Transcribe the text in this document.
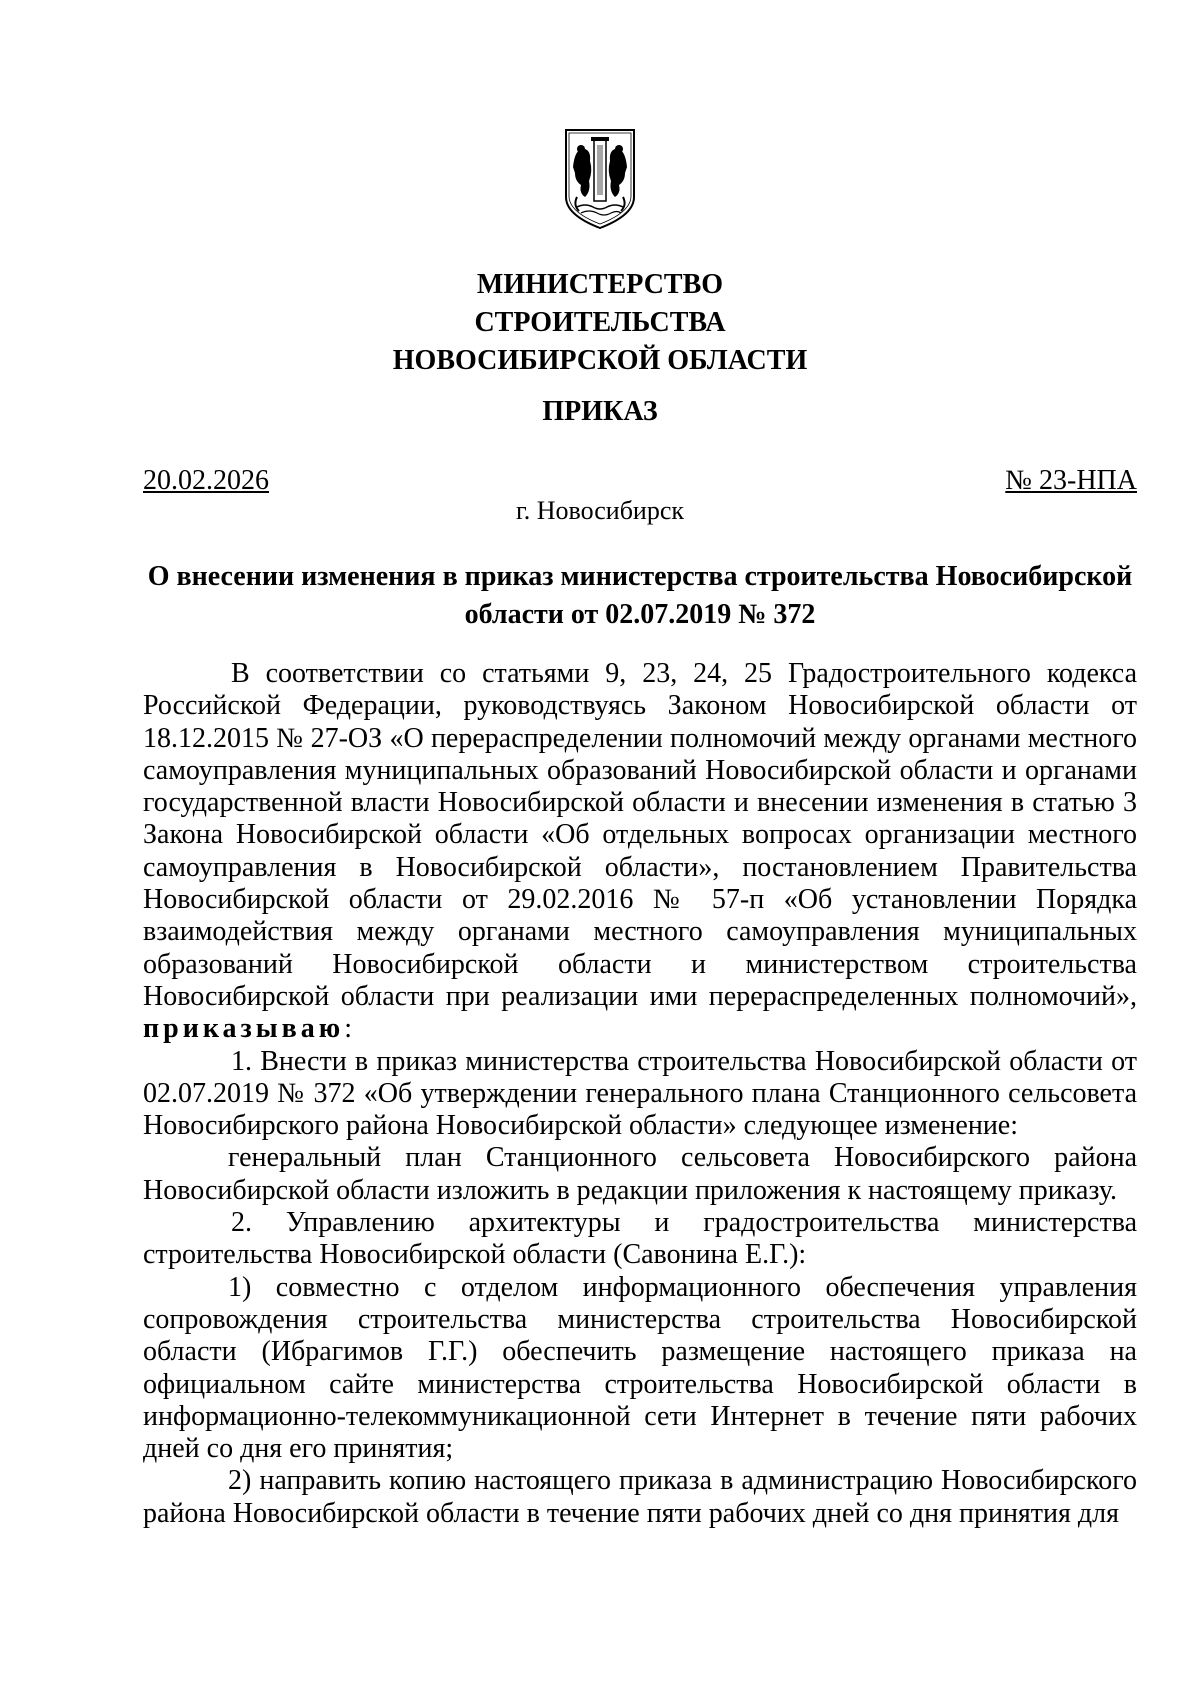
МИНИСТЕРСТВО
СТРОИТЕЛЬСТВА
НОВОСИБИРСКОЙ ОБЛАСТИ
ПРИКАЗ
20.02.2026	№ 23-НПА
г. Новосибирск
О внесении изменения в приказ министерства строительства Новосибирской
области от 02.07.2019 № 372

В соответствии со статьями 9, 23, 24, 25 Градостроительного кодекса Российской Федерации, руководствуясь Законом Новосибирской области от 18.12.2015 № 27-ОЗ «О перераспределении полномочий между органами местного самоуправления муниципальных образований Новосибирской области и органами государственной власти Новосибирской области и внесении изменения в статью 3 Закона Новосибирской области «Об отдельных вопросах организации местного самоуправления в Новосибирской области», постановлением Правительства Новосибирской области от 29.02.2016 № 57-п «Об установлении Порядка взаимодействия между органами местного самоуправления муниципальных образований Новосибирской области и министерством строительства Новосибирской области при реализации ими перераспределенных полномочий», приказываю:

1. Внести в приказ министерства строительства Новосибирской области от 02.07.2019 № 372 «Об утверждении генерального плана Станционного сельсовета Новосибирского района Новосибирской области» следующее изменение:

генеральный план Станционного сельсовета Новосибирского района Новосибирской области изложить в редакции приложения к настоящему приказу.

2. Управлению архитектуры и градостроительства министерства строительства Новосибирской области (Савонина Е.Г.):

1) совместно с отделом информационного обеспечения управления сопровождения строительства министерства строительства Новосибирской области (Ибрагимов Г.Г.) обеспечить размещение настоящего приказа на официальном сайте министерства строительства Новосибирской области в информационно-телекоммуникационной сети Интернет в течение пяти рабочих дней со дня его принятия;

2) направить копию настоящего приказа в администрацию Новосибирского района Новосибирской области в течение пяти рабочих дней со дня принятия для
